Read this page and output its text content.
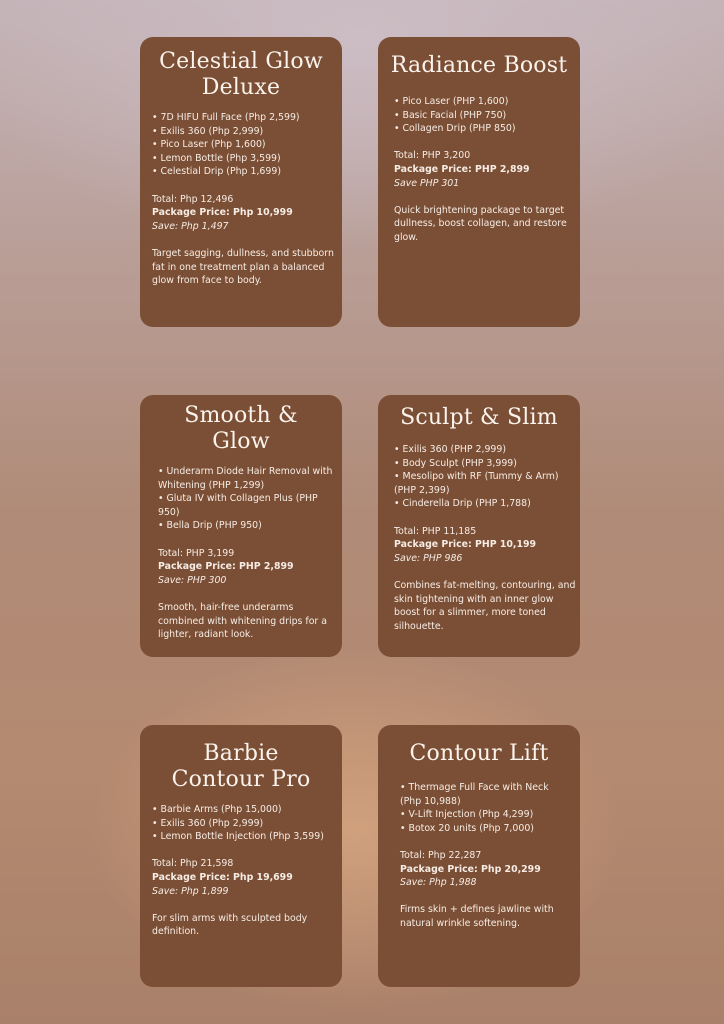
Celestial Glow
Deluxe
• 7D HIFU Full Face (Php 2,599)
• Exilis 360 (Php 2,999)
• Pico Laser (Php 1,600)
• Lemon Bottle (Php 3,599)
• Celestial Drip (Php 1,699)
Total: Php 12,496
Package Price: Php 10,999
Save: Php 1,497
Target sagging, dullness, and stubborn fat in one treatment plan a balanced glow from face to body.
Radiance Boost
• Pico Laser (PHP 1,600)
• Basic Facial (PHP 750)
• Collagen Drip (PHP 850)
Total: PHP 3,200
Package Price: PHP 2,899
Save PHP 301
Quick brightening package to target dullness, boost collagen, and restore glow.
Smooth &
Glow
• Underarm Diode Hair Removal with Whitening (PHP 1,299)
• Gluta IV with Collagen Plus (PHP 950)
• Bella Drip (PHP 950)
Total: PHP 3,199
Package Price: PHP 2,899
Save: PHP 300
Smooth, hair-free underarms combined with whitening drips for a lighter, radiant look.
Sculpt & Slim
• Exilis 360 (PHP 2,999)
• Body Sculpt (PHP 3,999)
• Mesolipo with RF (Tummy & Arm) (PHP 2,399)
• Cinderella Drip (PHP 1,788)
Total: PHP 11,185
Package Price: PHP 10,199
Save: PHP 986
Combines fat-melting, contouring, and skin tightening with an inner glow boost for a slimmer, more toned silhouette.
Barbie
Contour Pro
• Barbie Arms (Php 15,000)
• Exilis 360 (Php 2,999)
• Lemon Bottle Injection (Php 3,599)
Total: Php 21,598
Package Price: Php 19,699
Save: Php 1,899
For slim arms with sculpted body definition.
Contour Lift
• Thermage Full Face with Neck (Php 10,988)
• V-Lift Injection (Php 4,299)
• Botox 20 units (Php 7,000)
Total: Php 22,287
Package Price: Php 20,299
Save: Php 1,988
Firms skin + defines jawline with natural wrinkle softening.
